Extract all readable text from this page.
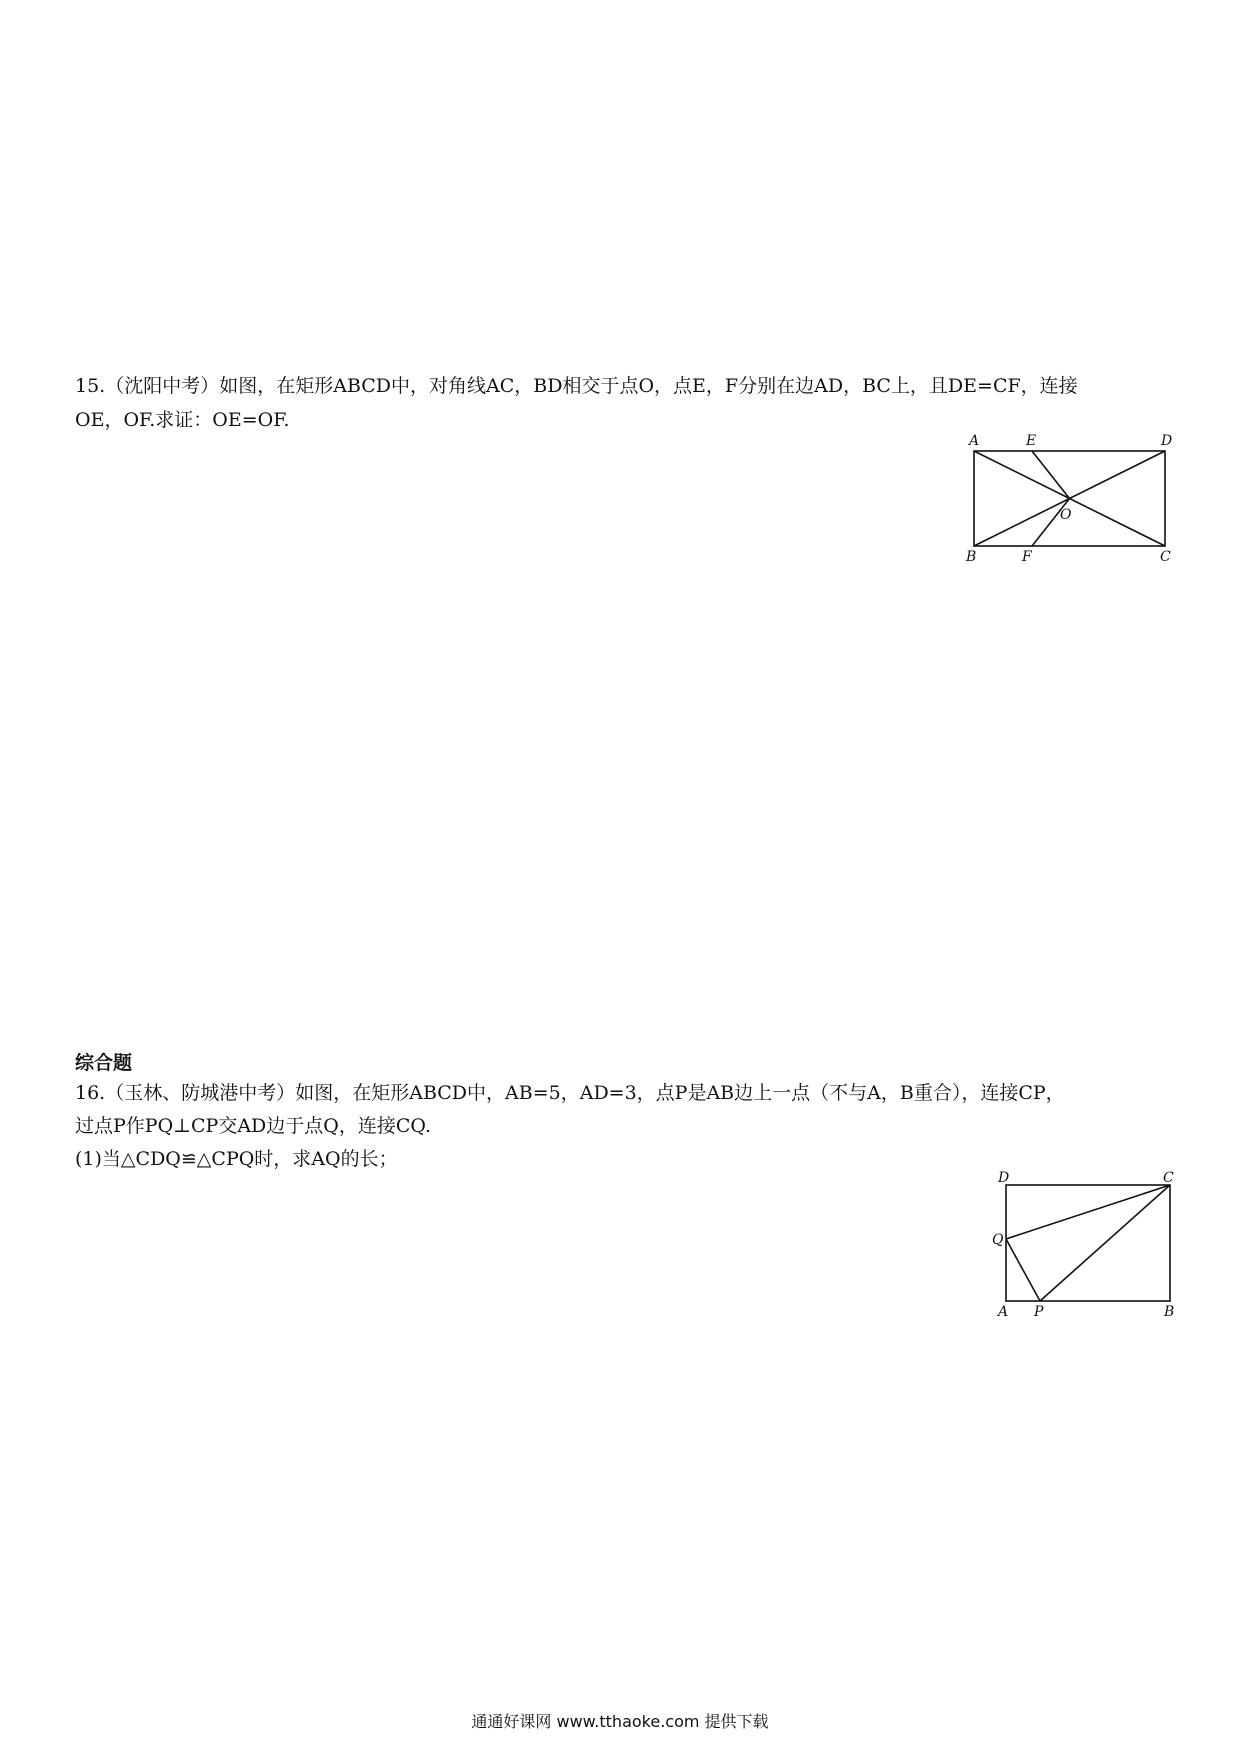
15.（沈阳中考）如图，在矩形ABCD中，对角线AC，BD相交于点O，点E，F分别在边AD，BC上，且DE=CF，连接
OE，OF.求证：OE=OF.
A	E	D
O
B	F	C
综合题
16.（玉林、防城港中考）如图，在矩形ABCD中，AB=5，AD=3，点P是AB边上一点（不与A，B重合），连接CP，
过点P作PQ⊥CP交AD边于点Q，连接CQ.
(1)当△CDQ≌△CPQ时，求AQ的长；
D	C
Q
A P	B
通通好课网 www.tthaoke.com 提供下载
